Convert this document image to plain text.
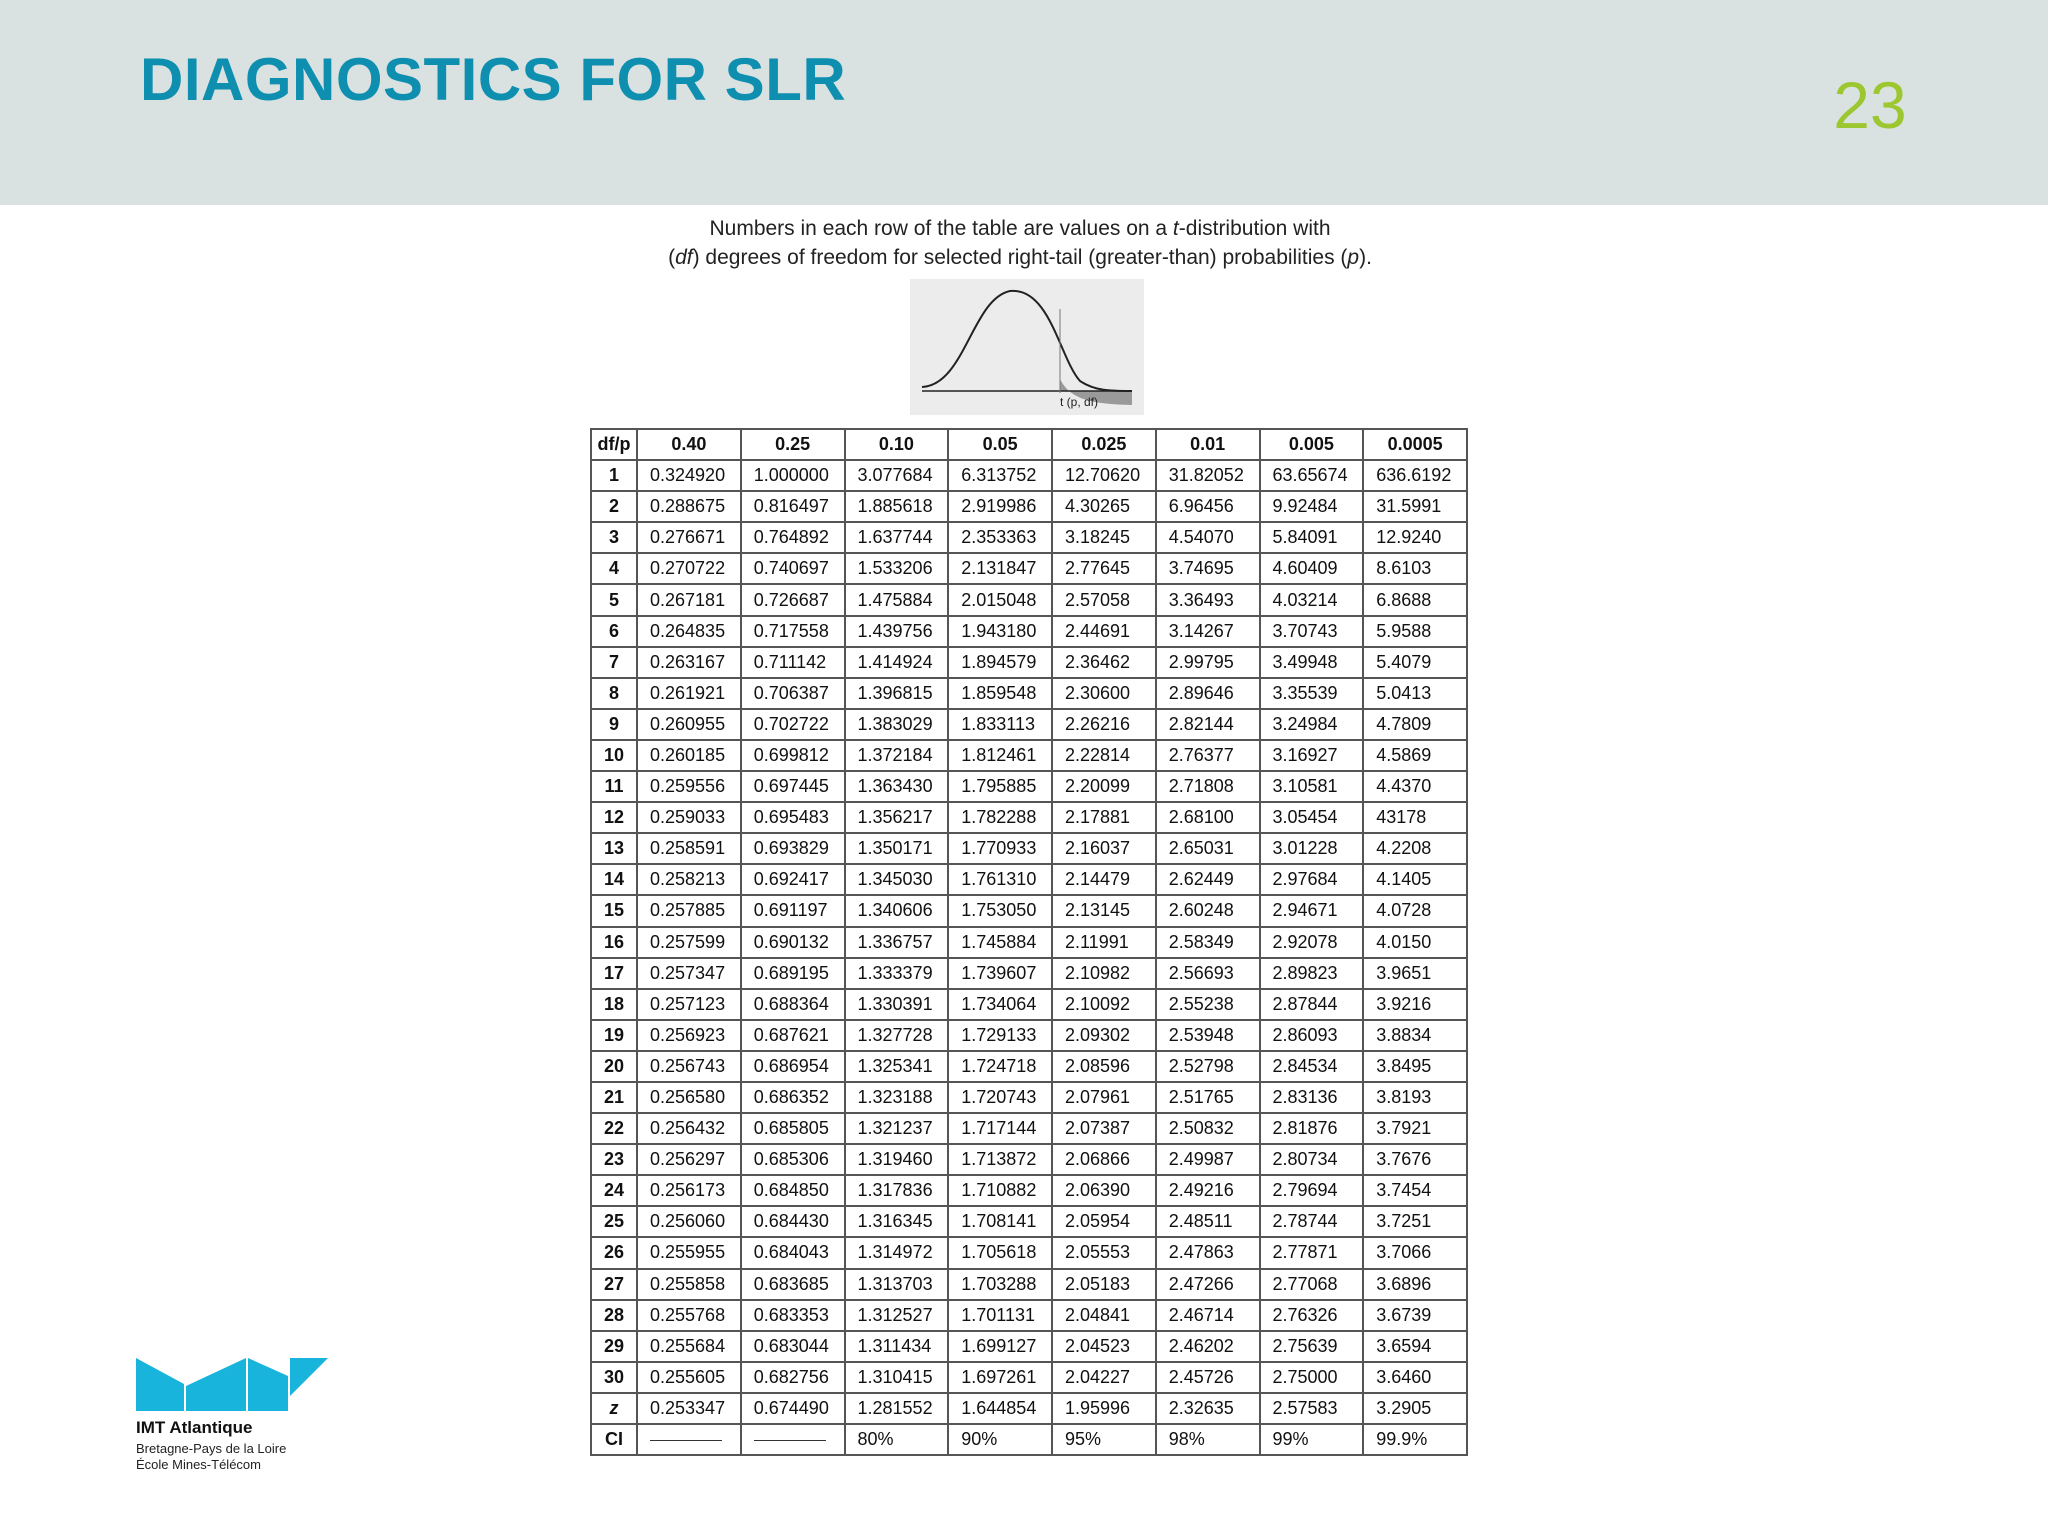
DIAGNOSTICS FOR SLR	23
Numbers in each row of the table are values on a t-distribution with
(df) degrees of freedom for selected right-tail (greater-than) probabilities (p).
t (p, df)
df/p	0.40	0.25	0.10	0.05	0.025	0.01	0.005	0.0005
1	0.324920	1.000000	3.077684	6.313752	12.70620	31.82052	63.65674	636.6192
2	0.288675	0.816497	1.885618	2.919986	4.30265	6.96456	9.92484	31.5991
3	0.276671	0.764892	1.637744	2.353363	3.18245	4.54070	5.84091	12.9240
4	0.270722	0.740697	1.533206	2.131847	2.77645	3.74695	4.60409	8.6103
5	0.267181	0.726687	1.475884	2.015048	2.57058	3.36493	4.03214	6.8688
6	0.264835	0.717558	1.439756	1.943180	2.44691	3.14267	3.70743	5.9588
7	0.263167	0.711142	1.414924	1.894579	2.36462	2.99795	3.49948	5.4079
8	0.261921	0.706387	1.396815	1.859548	2.30600	2.89646	3.35539	5.0413
9	0.260955	0.702722	1.383029	1.833113	2.26216	2.82144	3.24984	4.7809
10	0.260185	0.699812	1.372184	1.812461	2.22814	2.76377	3.16927	4.5869
11	0.259556	0.697445	1.363430	1.795885	2.20099	2.71808	3.10581	4.4370
12	0.259033	0.695483	1.356217	1.782288	2.17881	2.68100	3.05454	43178
13	0.258591	0.693829	1.350171	1.770933	2.16037	2.65031	3.01228	4.2208
14	0.258213	0.692417	1.345030	1.761310	2.14479	2.62449	2.97684	4.1405
15	0.257885	0.691197	1.340606	1.753050	2.13145	2.60248	2.94671	4.0728
16	0.257599	0.690132	1.336757	1.745884	2.11991	2.58349	2.92078	4.0150
17	0.257347	0.689195	1.333379	1.739607	2.10982	2.56693	2.89823	3.9651
18	0.257123	0.688364	1.330391	1.734064	2.10092	2.55238	2.87844	3.9216
19	0.256923	0.687621	1.327728	1.729133	2.09302	2.53948	2.86093	3.8834
20	0.256743	0.686954	1.325341	1.724718	2.08596	2.52798	2.84534	3.8495
21	0.256580	0.686352	1.323188	1.720743	2.07961	2.51765	2.83136	3.8193
22	0.256432	0.685805	1.321237	1.717144	2.07387	2.50832	2.81876	3.7921
23	0.256297	0.685306	1.319460	1.713872	2.06866	2.49987	2.80734	3.7676
24	0.256173	0.684850	1.317836	1.710882	2.06390	2.49216	2.79694	3.7454
25	0.256060	0.684430	1.316345	1.708141	2.05954	2.48511	2.78744	3.7251
26	0.255955	0.684043	1.314972	1.705618	2.05553	2.47863	2.77871	3.7066
27	0.255858	0.683685	1.313703	1.703288	2.05183	2.47266	2.77068	3.6896
28	0.255768	0.683353	1.312527	1.701131	2.04841	2.46714	2.76326	3.6739
29	0.255684	0.683044	1.311434	1.699127	2.04523	2.46202	2.75639	3.6594
30	0.255605	0.682756	1.310415	1.697261	2.04227	2.45726	2.75000	3.6460
z	0.253347	0.674490	1.281552	1.644854	1.95996	2.32635	2.57583	3.2905
CI			80%	90%	95%	98%	99%	99.9%
IMT Atlantique
Bretagne-Pays de la Loire
École Mines-Télécom
